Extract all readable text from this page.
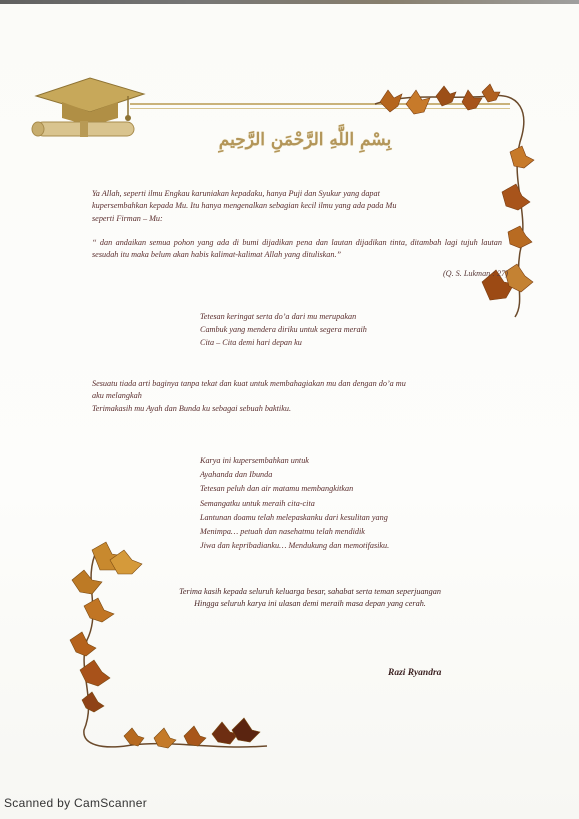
بِسْمِ اللَّهِ الرَّحْمَنِ الرَّحِيمِ
Ya Allah, seperti ilmu Engkau karuniakan kepadaku, hanya Puji dan Syukur yang dapat
kupersembahkan kepada Mu. Itu hanya mengenalkan sebagian kecil ilmu yang ada pada Mu
seperti Firman – Mu:
“ dan andaikan semua pohon yang ada di bumi dijadikan pena dan lautan dijadikan tinta, ditambah lagi tujuh lautan sesudah itu maka belum akan habis kalimat-kalimat Allah yang dituliskan.”
(Q. S. Lukman : 27)
Tetesan keringat serta do’a dari mu merupakan
Cambuk yang mendera diriku untuk segera meraih
Cita – Cita demi hari depan ku
Sesuatu tiada arti baginya tanpa tekat dan kuat untuk membahagiakan mu dan dengan do’a mu
aku melangkah
Terimakasih mu Ayah dan Bunda ku sebagai sebuah baktiku.
Karya ini kupersembahkan untuk
Ayahanda dan Ibunda
Tetesan peluh dan air matamu membangkitkan
Semangatku untuk meraih cita-cita
Lantunan doamu telah melepaskanku dari kesulitan yang
Menimpa… petuah dan nasehatmu telah mendidik
Jiwa dan kepribadianku… Mendukung dan memotifasiku.
Terima kasih kepada seluruh keluarga besar, sahabat serta teman seperjuangan
Hingga seluruh karya ini ulasan demi meraih masa depan yang cerah.
Razi Ryandra
Scanned by CamScanner
